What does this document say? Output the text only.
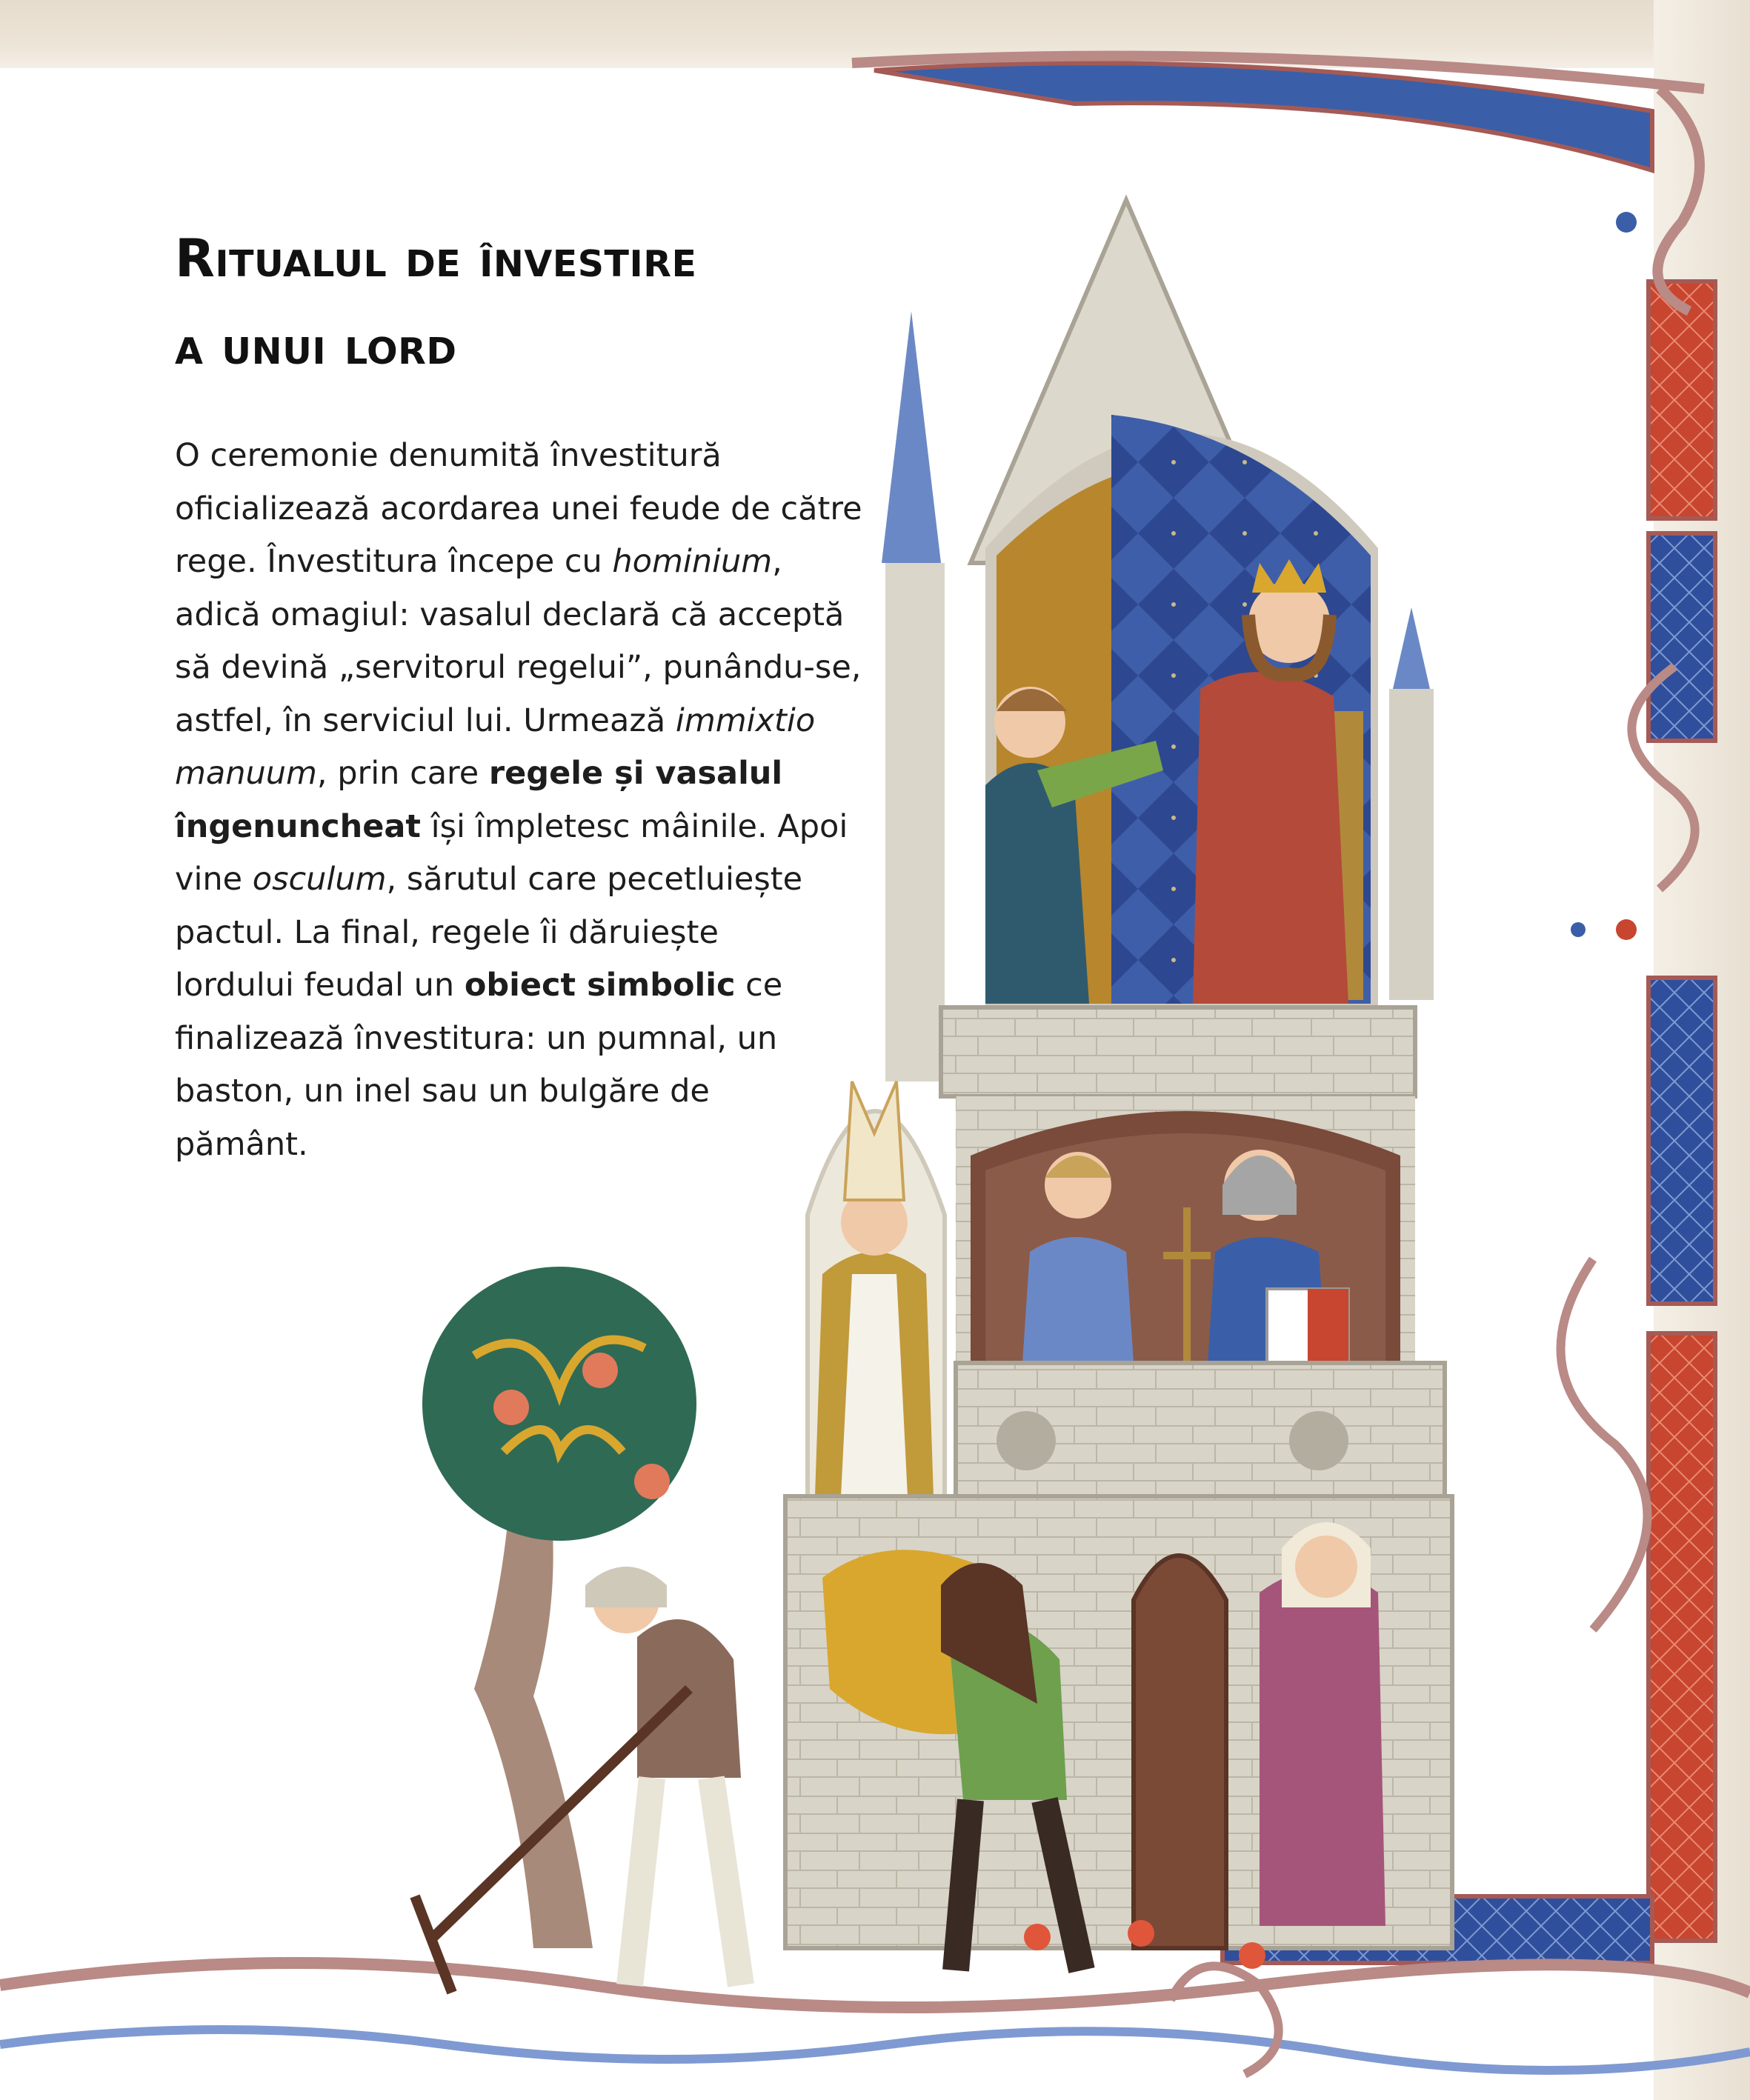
Ritualul de învestire
a unui lord
O ceremonie denumită învestitură
oficializează acordarea unei feude de către
rege. Învestitura începe cu hominium,
adică omagiul: vasalul declară că acceptă
să devină „servitorul regelui”, punându-se,
astfel, în serviciul lui. Urmează immixtio
manuum, prin care regele și vasalul
îngenuncheat își împletesc mâinile. Apoi
vine osculum, sărutul care pecetluiește
pactul. La final, regele îi dăruiește
lordului feudal un obiect simbolic ce
finalizează învestitura: un pumnal, un
baston, un inel sau un bulgăre de
pământ.
